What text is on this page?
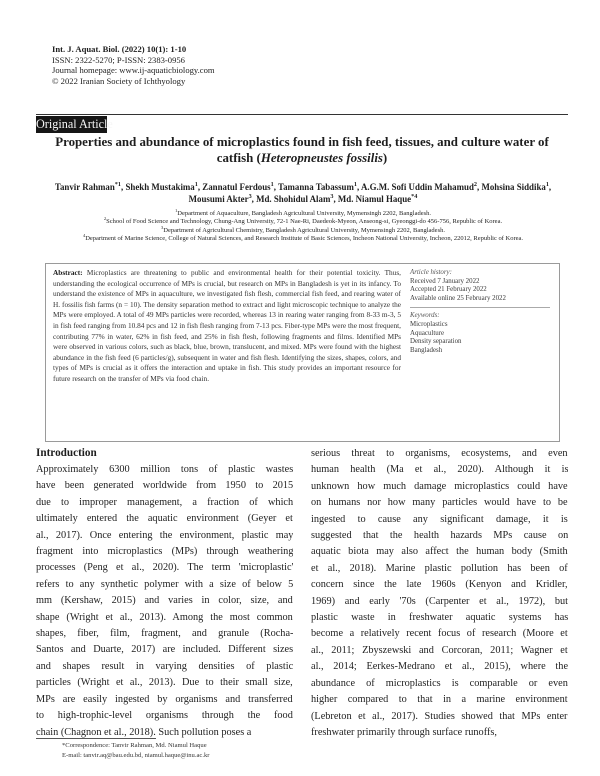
Int. J. Aquat. Biol. (2022) 10(1): 1-10
ISSN: 2322-5270; P-ISSN: 2383-0956
Journal homepage: www.ij-aquaticbiology.com
© 2022 Iranian Society of Ichthyology
Original Article
Properties and abundance of microplastics found in fish feed, tissues, and culture water of catfish (Heteropneustes fossilis)
Tanvir Rahman$^{*1}$, Shekh Mustakima$^1$, Zannatul Ferdous$^1$, Tamanna Tabassum$^1$, A.G.M. Sofi Uddin Mahamud$^2$, Mohsina Siddika$^1$, Mousumi Akter$^3$, Md. Shohidul Alam$^3$, Md. Niamul Haque$^{*4}$
$^1$Department of Aquaculture, Bangladesh Agricultural University, Mymensingh 2202, Bangladesh.
$^2$School of Food Science and Technology, Chung-Ang University, 72-1 Nae-Ri, Daedeok-Myeon, Anseong-si, Gyeonggi-do 456-756, Republic of Korea.
$^3$Department of Agricultural Chemistry, Bangladesh Agricultural University, Mymensingh 2202, Bangladesh.
$^4$Department of Marine Science, College of Natural Sciences, and Research Institute of Basic Sciences, Incheon National University, Incheon, 22012, Republic of Korea.
Abstract: Microplastics are threatening to public and environmental health for their potential toxicity. Thus, understanding the ecological occurrence of MPs is crucial, but research on MPs in Bangladesh is yet in its infancy. To understand the existence of MPs in aquaculture, we investigated fish flesh, commercial fish feed, and rearing water of H. fossilis fish farms (n = 10). The density separation method to extract and light microscopic technique to analyze the MPs were employed. A total of 49 MPs particles were recorded, whereas 13 in rearing water ranging from 8-33 m-3, 5 in fish feed ranging from 10.84 pcs and 12 in fish flesh ranging from 7-13 pcs. Fiber-type MPs were the most frequent, contributing 77% in water, 62% in fish feed, and 25% in fish flesh, following fragments and films. Identified MPs were observed in various colors, such as black, blue, brown, translucent, and mixed. MPs were found with the highest abundance in the fish feed (6 particles/g), subsequent in water and fish flesh. Identifying the sizes, shapes, colors, and types of MPs is crucial as it offers the interaction and uptake in fish. This study provides an important resource for future research on the transfer of MPs via food chain.
Article history:
Received 7 January 2022
Accepted 21 February 2022
Available online 25 February 2022
Keywords:
Microplastics
Aquaculture
Density separation
Bangladesh
Introduction
Approximately 6300 million tons of plastic wastes
have been generated worldwide from 1950 to 2015
due to improper management, a fraction of which
ultimately entered the aquatic environment (Geyer et
al., 2017). Once entering the environment, plastic may
fragment into microplastics (MPs) through weathering
processes (Peng et al., 2020). The term 'microplastic'
refers to any synthetic polymer with a size of below 5
mm (Kershaw, 2015) and varies in color, size, and
shape (Wright et al., 2013). Among the most common
shapes, fiber, film, fragment, and granule (Rocha-
Santos and Duarte, 2017) are included. Different sizes
and shapes result in varying densities of plastic
particles (Wright et al., 2013). Due to their small size,
MPs are easily ingested by organisms and transferred
to high-trophic-level organisms through the food
chain (Chagnon et al., 2018). Such pollution poses a
serious threat to organisms, ecosystems, and even
human health (Ma et al., 2020). Although it is
unknown how much damage microplastics could have
on humans nor how many particles would have to be
ingested to cause any significant damage, it is
suggested that the health hazards MPs cause on
aquatic biota may also affect the human body (Smith
et al., 2018). Marine plastic pollution has been of
concern since the late 1960s (Kenyon and Kridler,
1969) and early '70s (Carpenter et al., 1972), but
plastic waste in freshwater aquatic systems has
become a relatively recent focus of research (Moore et
al., 2011; Zbyszewski and Corcoran, 2011; Wagner et
al., 2014; Eerkes-Medrano et al., 2015), where the
abundance of microplastics is comparable or even
higher compared to that in a marine environment
(Lebreton et al., 2017). Studies showed that MPs enter
freshwater primarily through surface runoffs,
*Correspondence: Tanvir Rahman, Md. Niamul Haque
E-mail: tanvir.aq@bau.edu.bd, niamul.haque@inu.ac.kr
